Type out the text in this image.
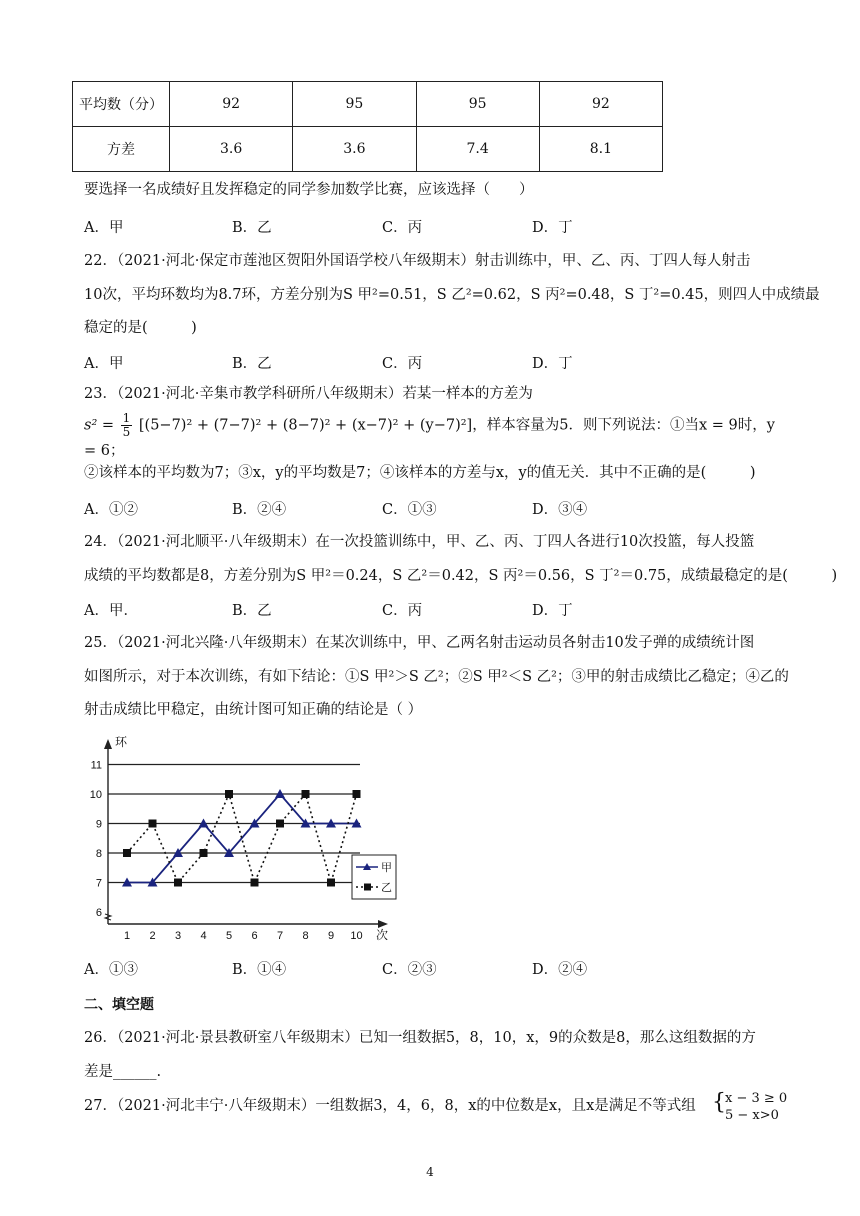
平均数（分）	92	95	95	92
方差	3.6	3.6	7.4	8.1
要选择一名成绩好且发挥稳定的同学参加数学比赛，应该选择（　　）
A．甲	B．乙	C．丙	D．丁
22．（2021·河北·保定市莲池区贺阳外国语学校八年级期末）射击训练中，甲、乙、丙、丁四人每人射击
10次，平均环数均为8.7环，方差分别为S 甲²=0.51，S 乙²=0.62，S 丙²=0.48，S 丁²=0.45，则四人中成绩最
稳定的是(　　　)
A．甲	B．乙	C．丙	D．丁
23．（2021·河北·辛集市教学科研所八年级期末）若某一样本的方差为
$s^2 = \frac{1}{5} [(5-7)^2 + (7-7)^2 + (8-7)^2 + (x-7)^2 + (y-7)^2]$，样本容量为5．则下列说法：①当x = 9时，y = 6；
②该样本的平均数为7；③x，y的平均数是7；④该样本的方差与x，y的值无关．其中不正确的是(　　　)
A．①②	B．②④	C．①③	D．③④
24．（2021·河北顺平·八年级期末）在一次投篮训练中，甲、乙、丙、丁四人各进行10次投篮，每人投篮
成绩的平均数都是8，方差分别为S 甲²＝0.24，S 乙²＝0.42，S 丙²＝0.56，S 丁²＝0.75，成绩最稳定的是(　　　)
A．甲．	B．乙	C．丙	D．丁
25．（2021·河北兴隆·八年级期末）在某次训练中，甲、乙两名射击运动员各射击10发子弹的成绩统计图
如图所示，对于本次训练，有如下结论：①S 甲²＞S 乙²；②S 甲²＜S 乙²；③甲的射击成绩比乙稳定；④乙的
射击成绩比甲稳定，由统计图可知正确的结论是（ ）
6
7
8
9
10
11
1 2 3 4 5 6 7 8 9 10
环
次
甲
乙
A．①③	B．①④	C．②③	D．②④
二、填空题
26．（2021·河北·景县教研室八年级期末）已知一组数据5，8，10，x，9的众数是8，那么这组数据的方
差是______.
27．（2021·河北丰宁·八年级期末）一组数据3，4，6，8，x的中位数是x，且x是满足不等式组 { x − 3 ≥ 0
5 − x>0
4
